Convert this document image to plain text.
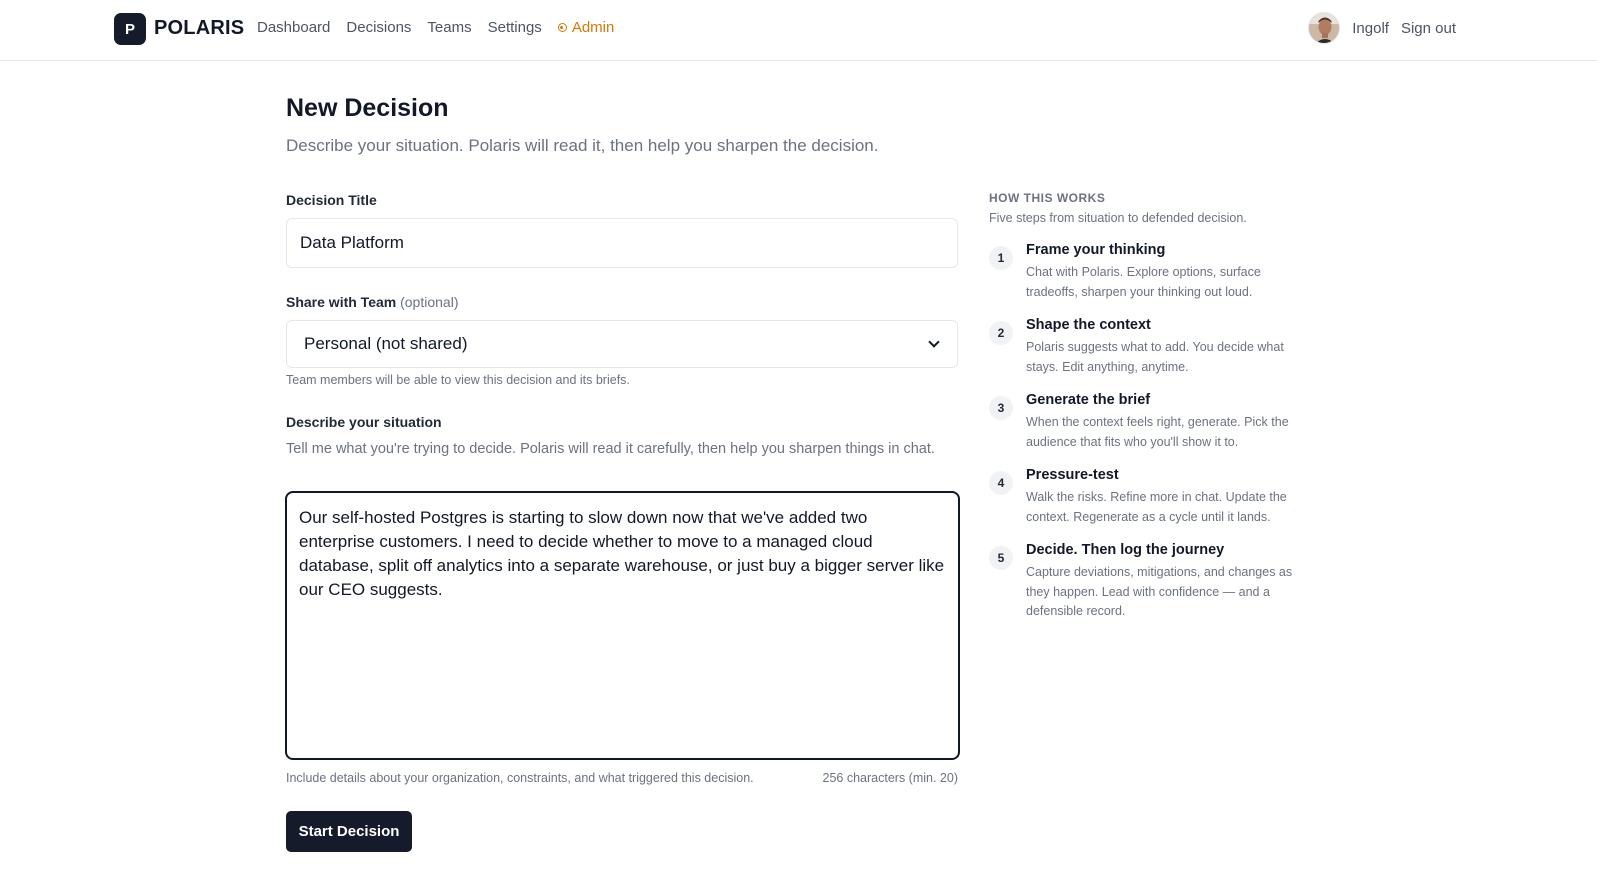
P POLARIS Dashboard Decisions Teams Settings Admin	Ingolf Sign out
New Decision

Describe your situation. Polaris will read it, then help you sharpen the decision.

Decision Title
Data Platform
Share with Team (optional)
Personal (not shared)

Team members will be able to view this decision and its briefs.

Describe your situation

Tell me what you're trying to decide. Polaris will read it carefully, then help you sharpen things in chat.

Our self-hosted Postgres is starting to slow down now that we've added two enterprise customers. I need to decide whether to move to a managed cloud database, split off analytics into a separate warehouse, or just buy a bigger server like our CEO suggests.

Include details about your organization, constraints, and what triggered this decision.	256 characters (min. 20)

Start Decision
HOW THIS WORKS
Five steps from situation to defended decision.
1	Frame your thinking
Chat with Polaris. Explore options, surface tradeoffs, sharpen your thinking out loud.
2	Shape the context
Polaris suggests what to add. You decide what stays. Edit anything, anytime.
3	Generate the brief
When the context feels right, generate. Pick the audience that fits who you'll show it to.
4	Pressure-test
Walk the risks. Refine more in chat. Update the context. Regenerate as a cycle until it lands.
5	Decide. Then log the journey
Capture deviations, mitigations, and changes as they happen. Lead with confidence — and a defensible record.
